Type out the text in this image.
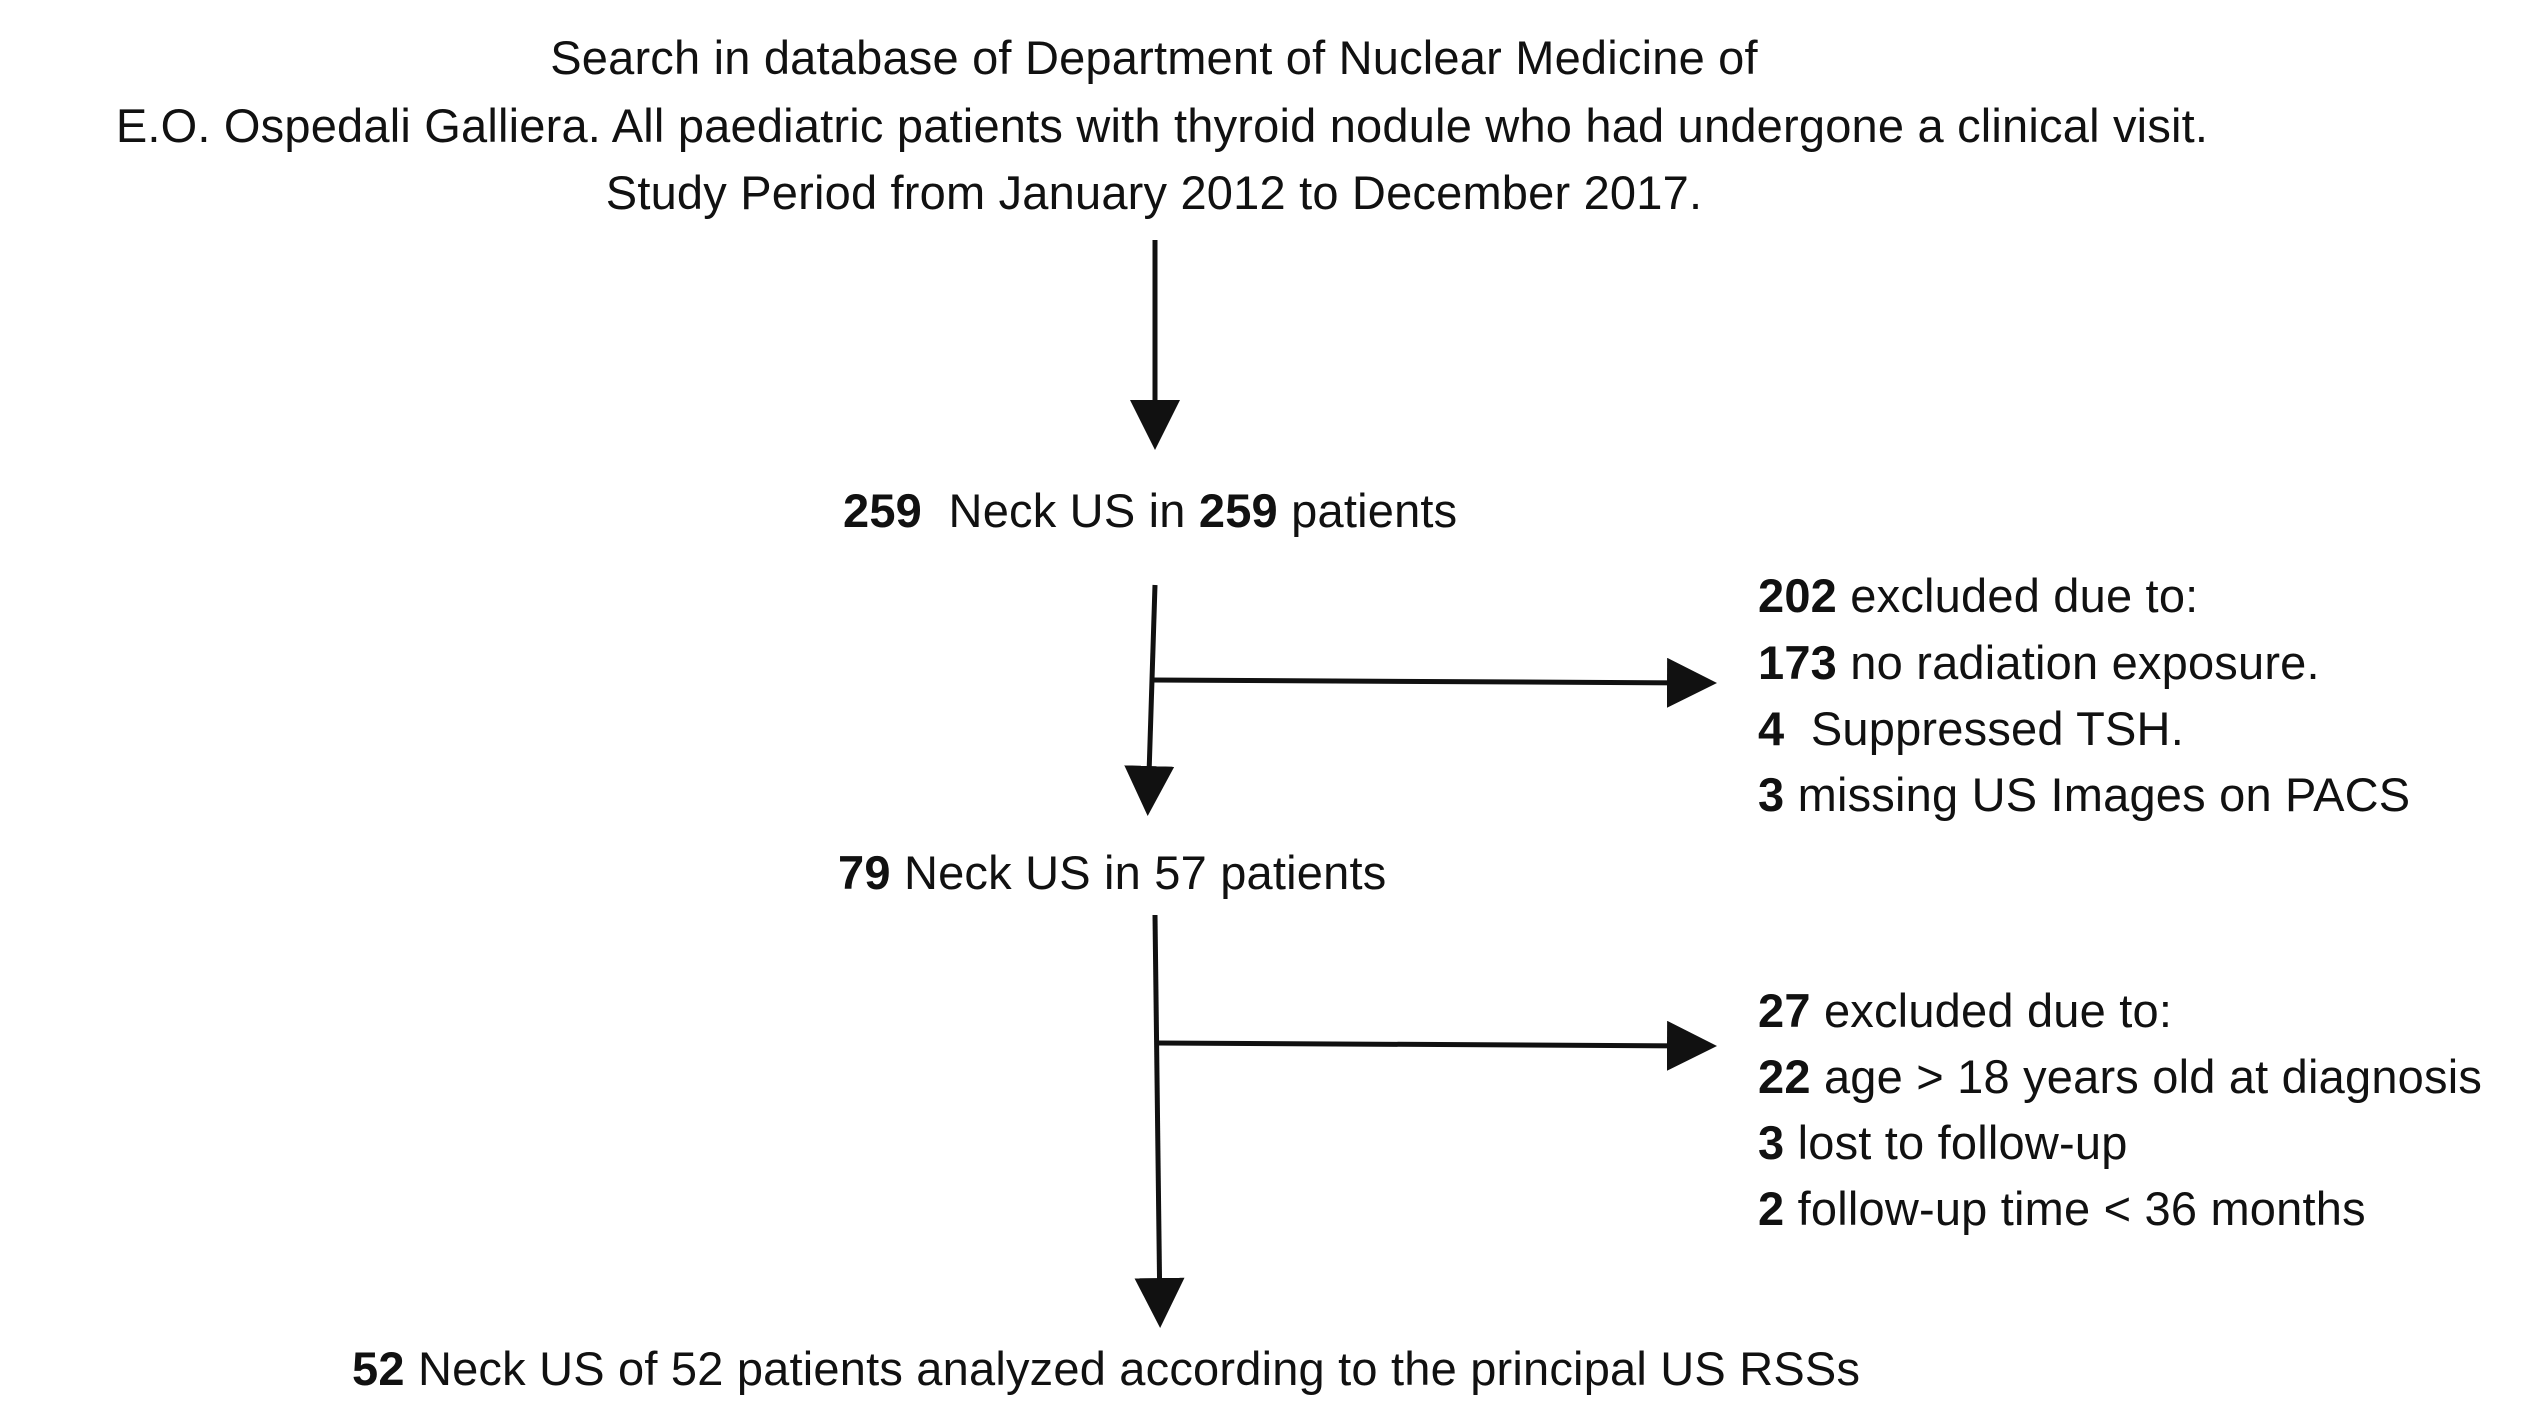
Search in database of Department of Nuclear Medicine of
E.O. Ospedali Galliera. All paediatric patients with thyroid nodule who had undergone a clinical visit.
Study Period from January 2012 to December 2017.
259  Neck US in 259 patients
202 excluded due to:
173 no radiation exposure.
4  Suppressed TSH.
3 missing US Images on PACS
79 Neck US in 57 patients
27 excluded due to:
22 age > 18 years old at diagnosis
3 lost to follow-up
2 follow-up time < 36 months
52 Neck US of 52 patients analyzed according to the principal US RSSs
